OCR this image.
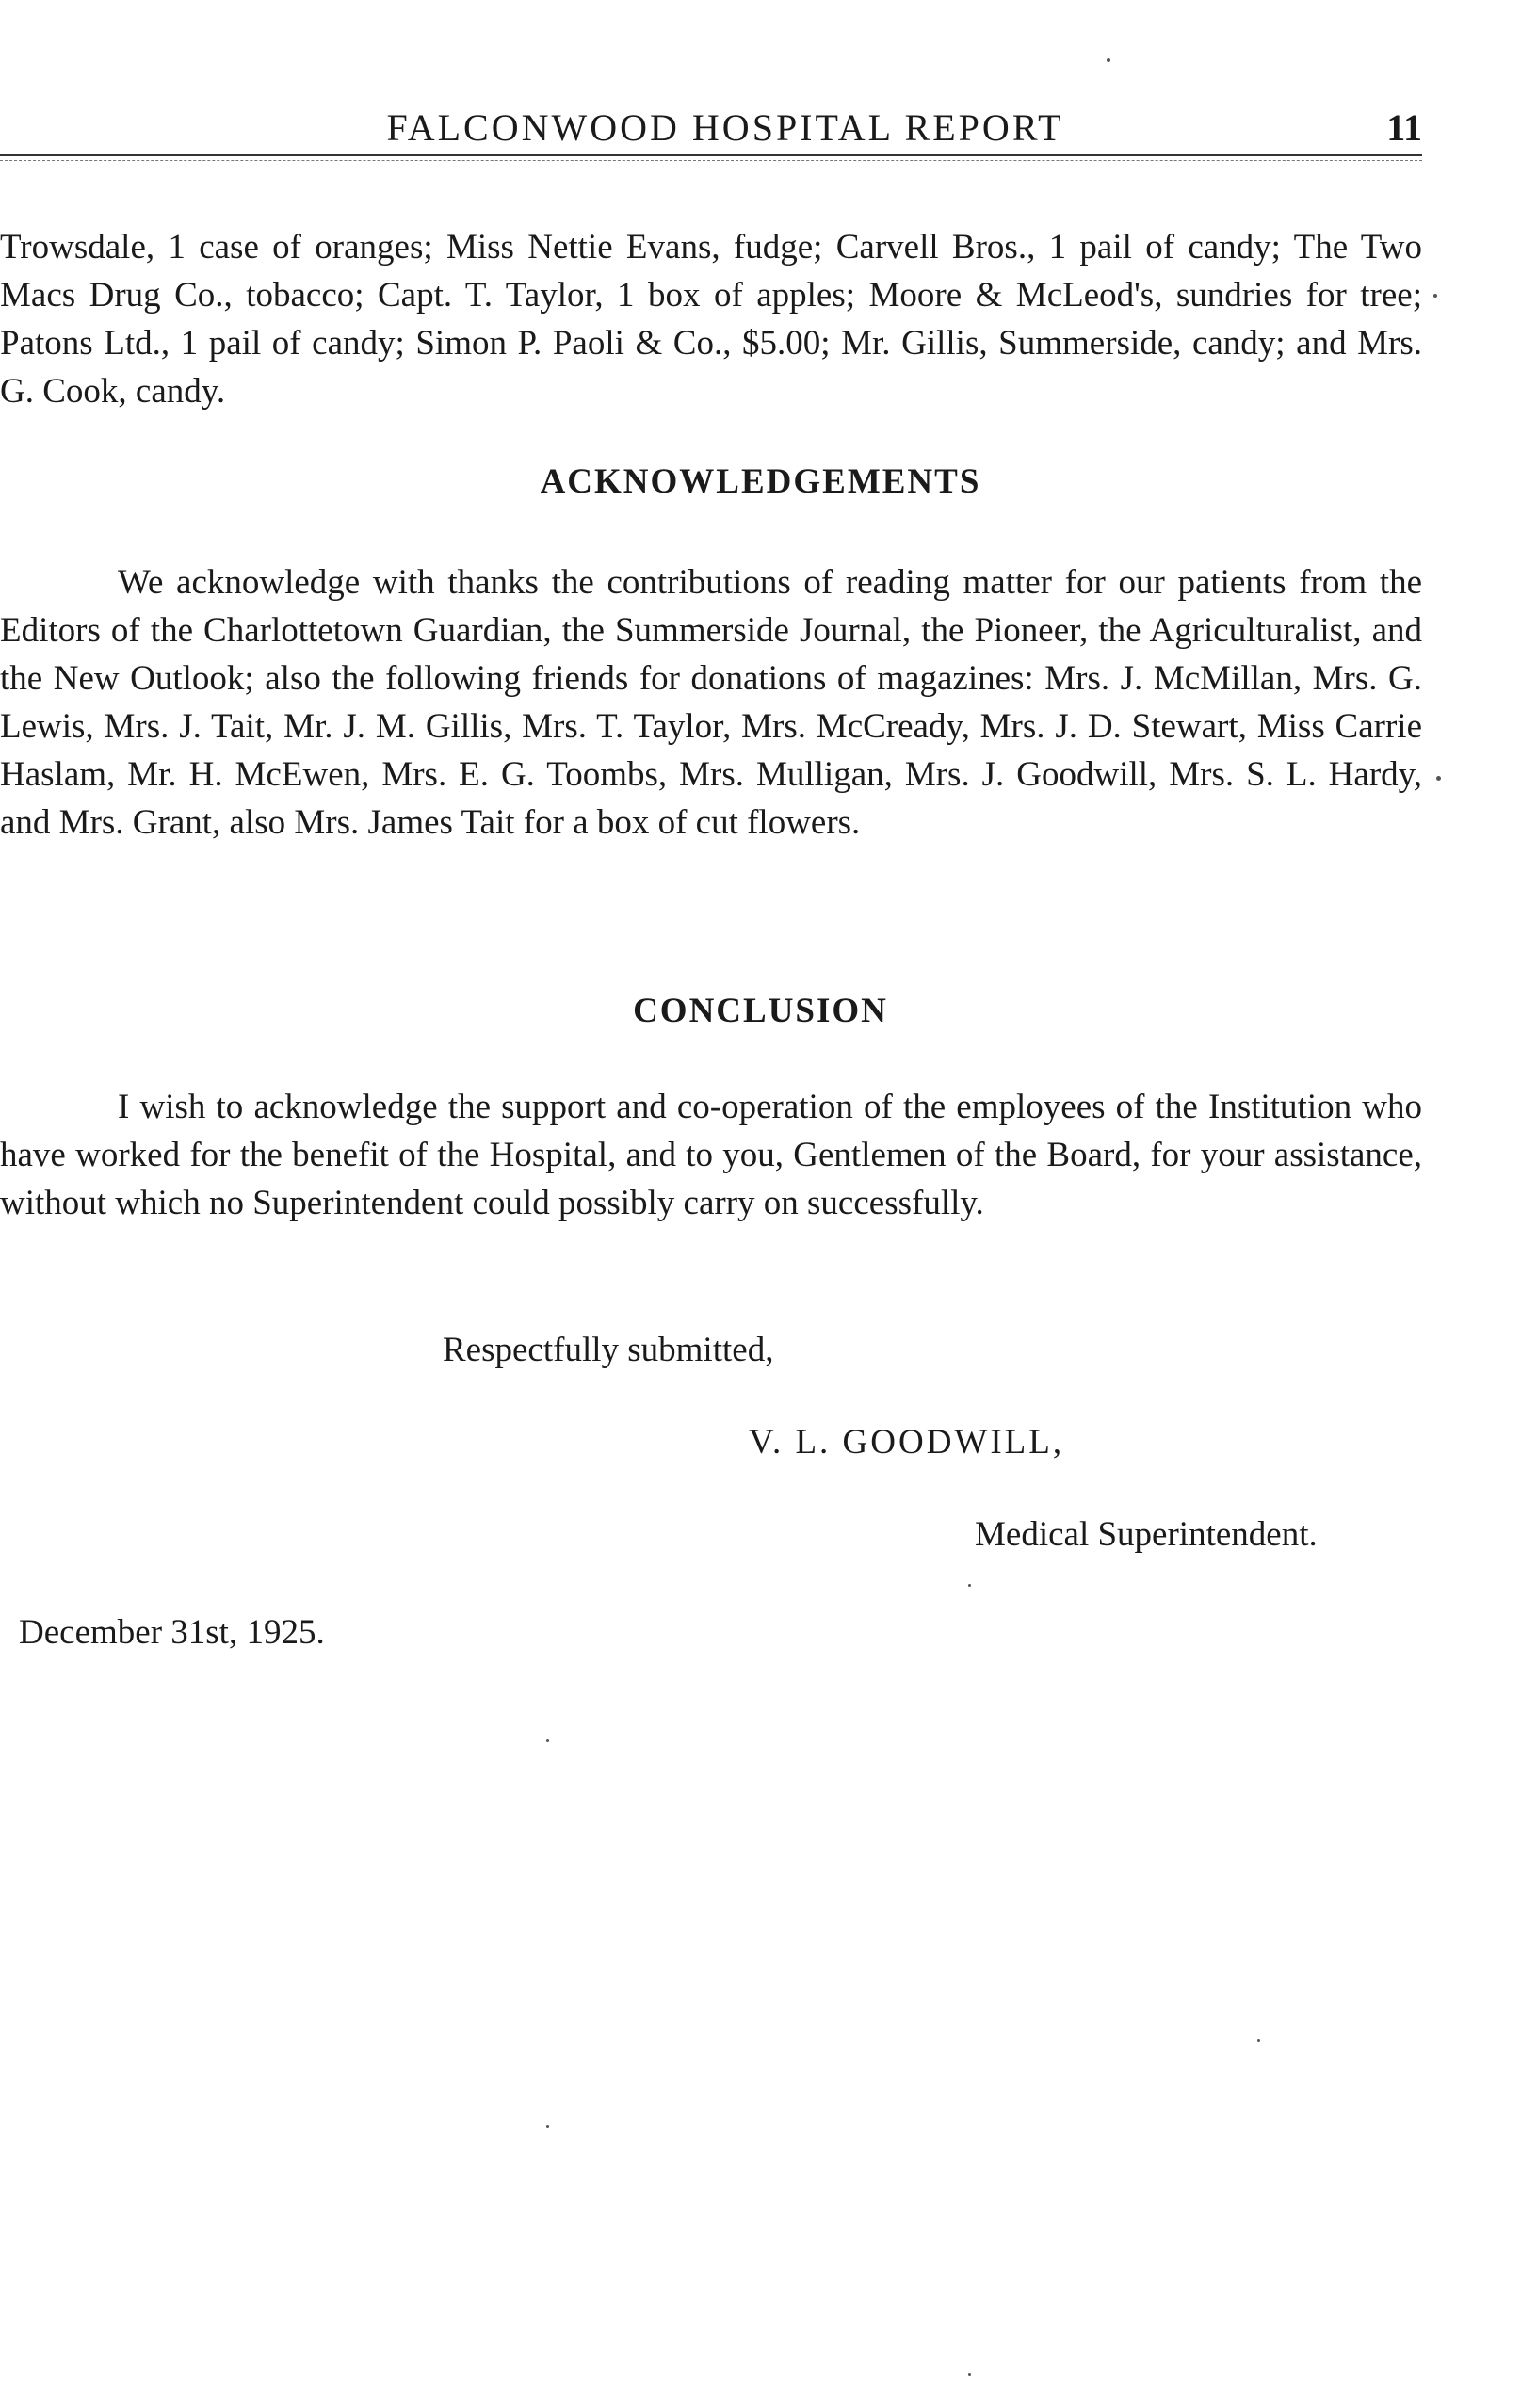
FALCONWOOD HOSPITAL REPORT	11

Trowsdale, 1 case of oranges; Miss Nettie Evans, fudge; Carvell Bros., 1 pail of candy; The Two Macs Drug Co., tobacco; Capt. T. Taylor, 1 box of apples; Moore & McLeod's, sundries for tree; Patons Ltd., 1 pail of candy; Simon P. Paoli & Co., $5.00; Mr. Gillis, Summerside, candy; and Mrs. G. Cook, candy.

ACKNOWLEDGEMENTS

We acknowledge with thanks the contributions of reading matter for our patients from the Editors of the Charlottetown Guardian, the Summerside Journal, the Pioneer, the Agriculturalist, and the New Outlook; also the following friends for donations of magazines: Mrs. J. McMillan, Mrs. G. Lewis, Mrs. J. Tait, Mr. J. M. Gillis, Mrs. T. Taylor, Mrs. McCready, Mrs. J. D. Stewart, Miss Carrie Haslam, Mr. H. McEwen, Mrs. E. G. Toombs, Mrs. Mulligan, Mrs. J. Goodwill, Mrs. S. L. Hardy, and Mrs. Grant, also Mrs. James Tait for a box of cut flowers.

CONCLUSION

I wish to acknowledge the support and co-operation of the employees of the Institution who have worked for the benefit of the Hospital, and to you, Gentlemen of the Board, for your assistance, without which no Superintendent could possibly carry on successfully.

Respectfully submitted,
V. L. GOODWILL,
Medical Superintendent.
December 31st, 1925.
